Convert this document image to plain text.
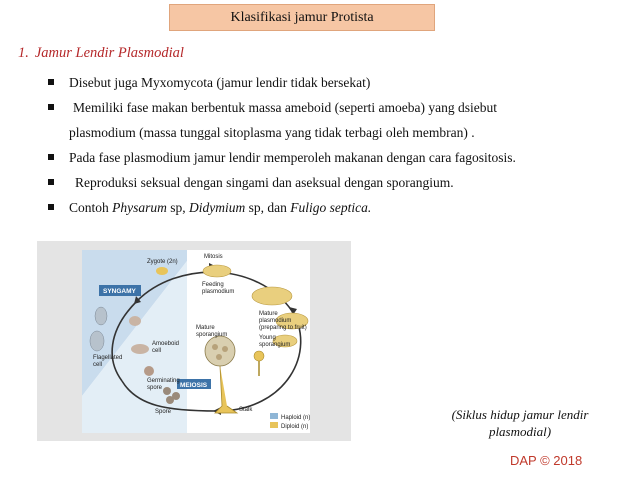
Klasifikasi jamur Protista
1. Jamur Lendir Plasmodial
Disebut juga Myxomycota (jamur lendir tidak bersekat)
Memiliki fase makan berbentuk massa ameboid (seperti amoeba) yang dsiebut
plasmodium (massa tunggal sitoplasma yang tidak terbagi oleh membran) .
Pada fase plasmodium jamur lendir memperoleh makanan dengan cara fagositosis.
Reproduksi seksual dengan singami dan aseksual dengan sporangium.
Contoh Physarum sp, Didymium sp, dan Fuligo septica.
SYNGAMY
MEIOSIS
Mitosis
Zygote (2n)
Feeding
plasmodium
Mature
plasmodium
(preparing to fruit)
Young
sporangium
Mature
sporangium
Flagellated
cell
Amoeboid
cell
Germinating
spore
Spore	Stalk
Haploid (n)
Diploid (n)
(Siklus hidup jamur lendir
plasmodial)
DAP © 2018
